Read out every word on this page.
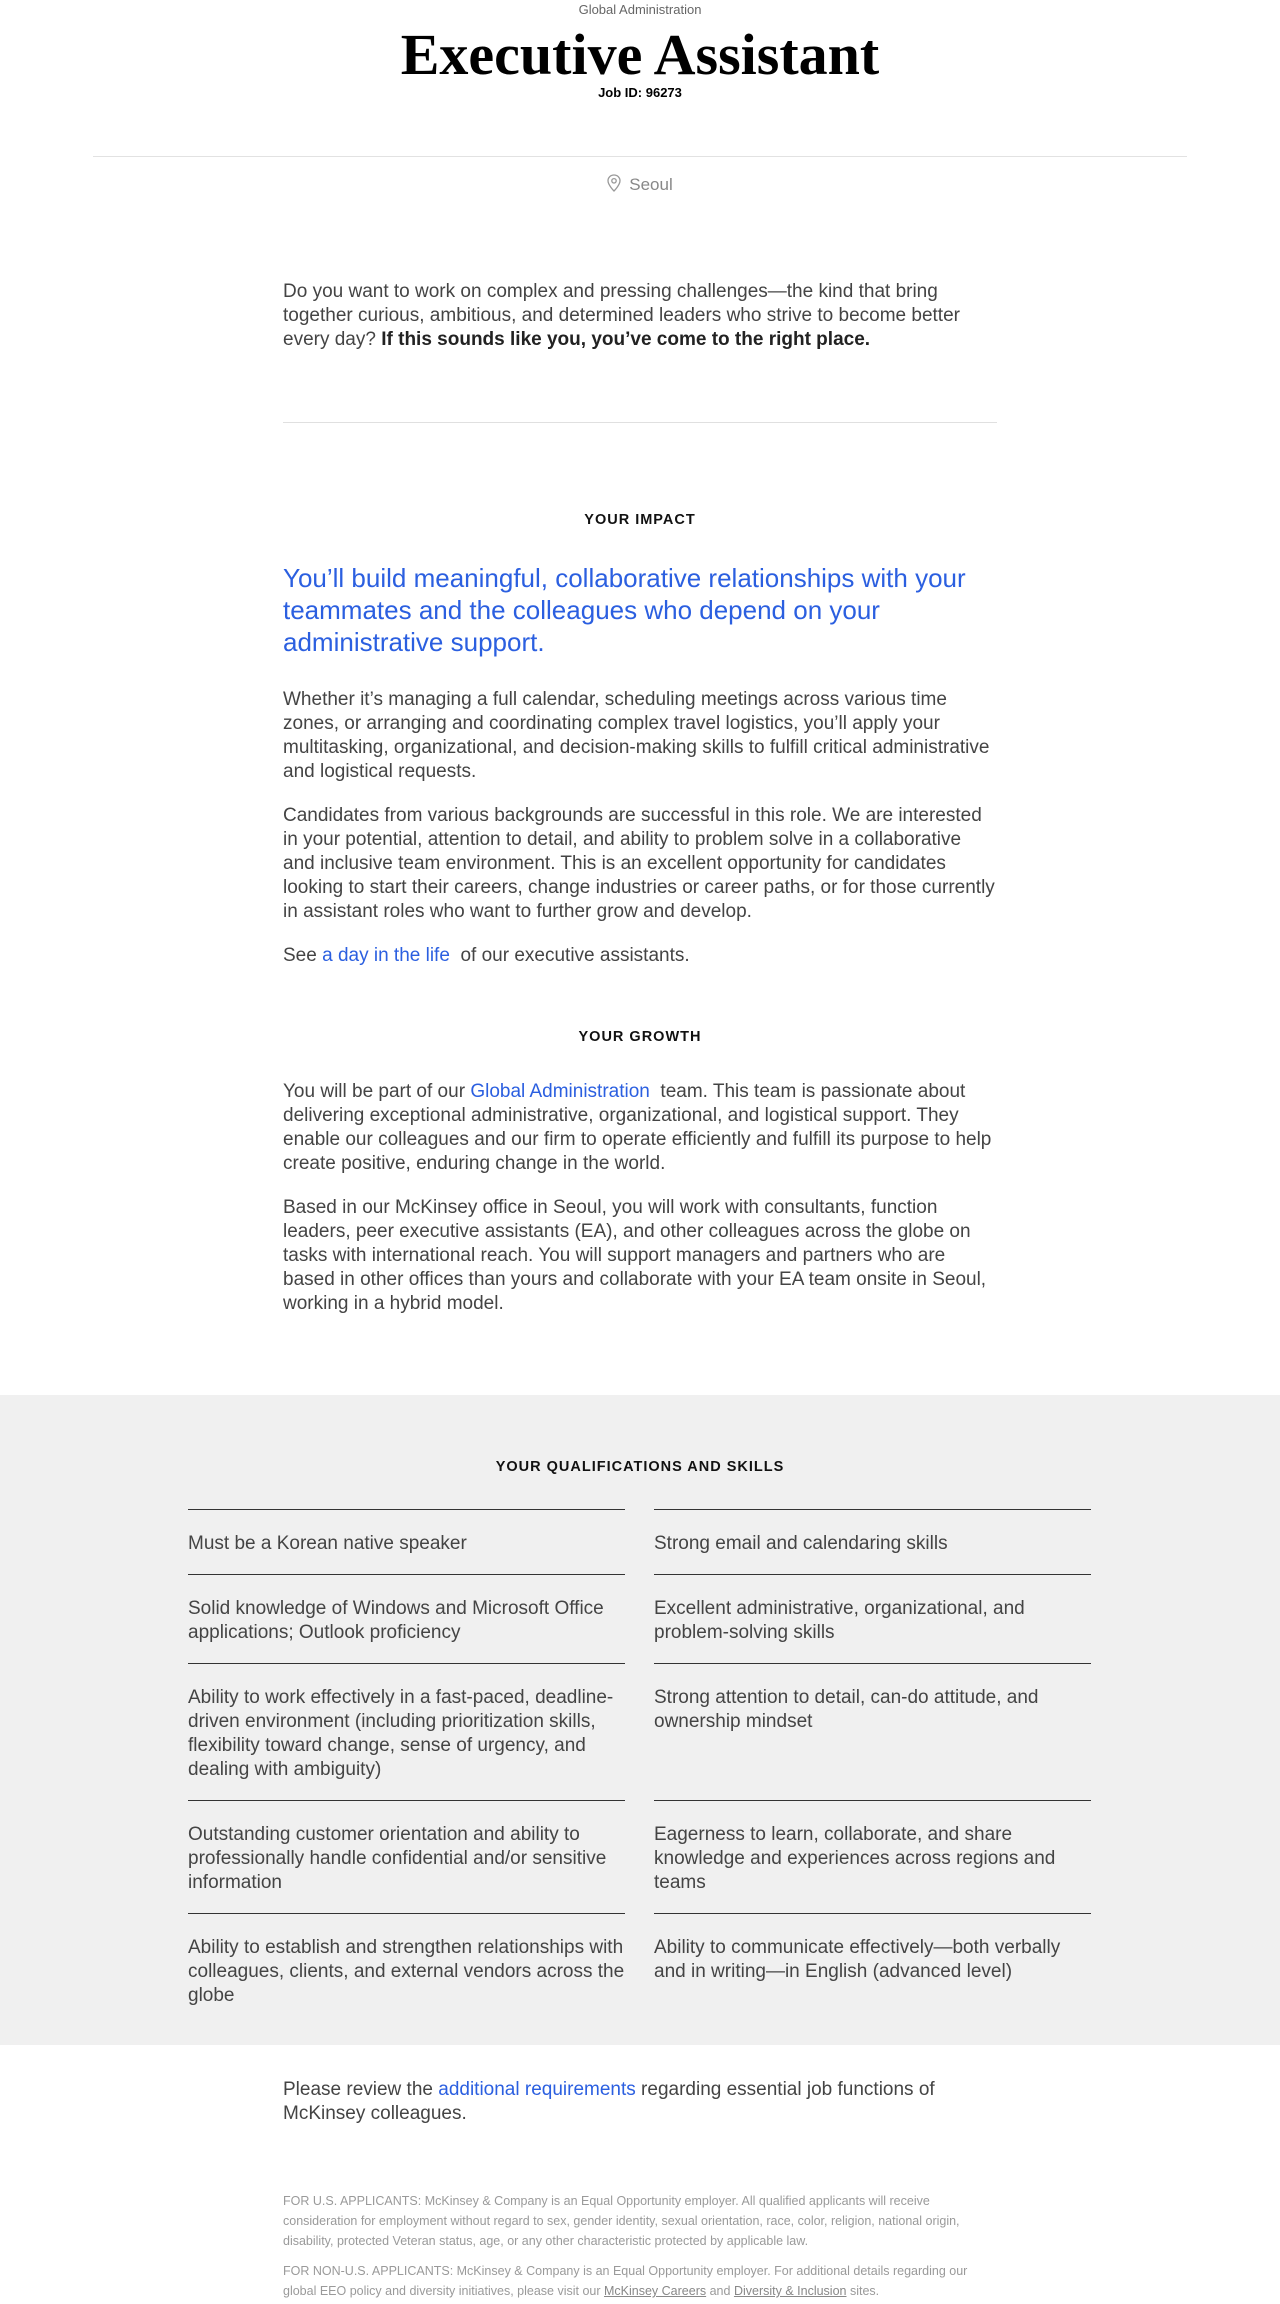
Global Administration
Executive Assistant
Job ID: 96273
Seoul

Do you want to work on complex and pressing challenges—the kind that bring together curious, ambitious, and determined leaders who strive to become better every day? If this sounds like you, you’ve come to the right place.

YOUR IMPACT

You’ll build meaningful, collaborative relationships with your teammates and the colleagues who depend on your administrative support.

Whether it’s managing a full calendar, scheduling meetings across various time zones, or arranging and coordinating complex travel logistics, you’ll apply your multitasking, organizational, and decision-making skills to fulfill critical administrative and logistical requests.

Candidates from various backgrounds are successful in this role. We are interested in your potential, attention to detail, and ability to problem solve in a collaborative and inclusive team environment. This is an excellent opportunity for candidates looking to start their careers, change industries or career paths, or for those currently in assistant roles who want to further grow and develop.

See a day in the life of our executive assistants.

YOUR GROWTH

You will be part of our Global Administration team. This team is passionate about delivering exceptional administrative, organizational, and logistical support. They enable our colleagues and our firm to operate efficiently and fulfill its purpose to help create positive, enduring change in the world.

Based in our McKinsey office in Seoul, you will work with consultants, function leaders, peer executive assistants (EA), and other colleagues across the globe on tasks with international reach. You will support managers and partners who are based in other offices than yours and collaborate with your EA team onsite in Seoul, working in a hybrid model.

YOUR QUALIFICATIONS AND SKILLS
Must be a Korean native speaker
Solid knowledge of Windows and Microsoft Office applications; Outlook proficiency
Ability to work effectively in a fast-paced, deadline-driven environment (including prioritization skills, flexibility toward change, sense of urgency, and dealing with ambiguity)
Outstanding customer orientation and ability to professionally handle confidential and/or sensitive information
Ability to establish and strengthen relationships with colleagues, clients, and external vendors across the globe
Strong email and calendaring skills
Excellent administrative, organizational, and problem-solving skills
Strong attention to detail, can-do attitude, and ownership mindset
Eagerness to learn, collaborate, and share knowledge and experiences across regions and teams
Ability to communicate effectively—both verbally and in writing—in English (advanced level)

Please review the additional requirements regarding essential job functions of McKinsey colleagues.

FOR U.S. APPLICANTS: McKinsey & Company is an Equal Opportunity employer. All qualified applicants will receive consideration for employment without regard to sex, gender identity, sexual orientation, race, color, religion, national origin, disability, protected Veteran status, age, or any other characteristic protected by applicable law.

FOR NON-U.S. APPLICANTS: McKinsey & Company is an Equal Opportunity employer. For additional details regarding our global EEO policy and diversity initiatives, please visit our McKinsey Careers and Diversity & Inclusion sites.
